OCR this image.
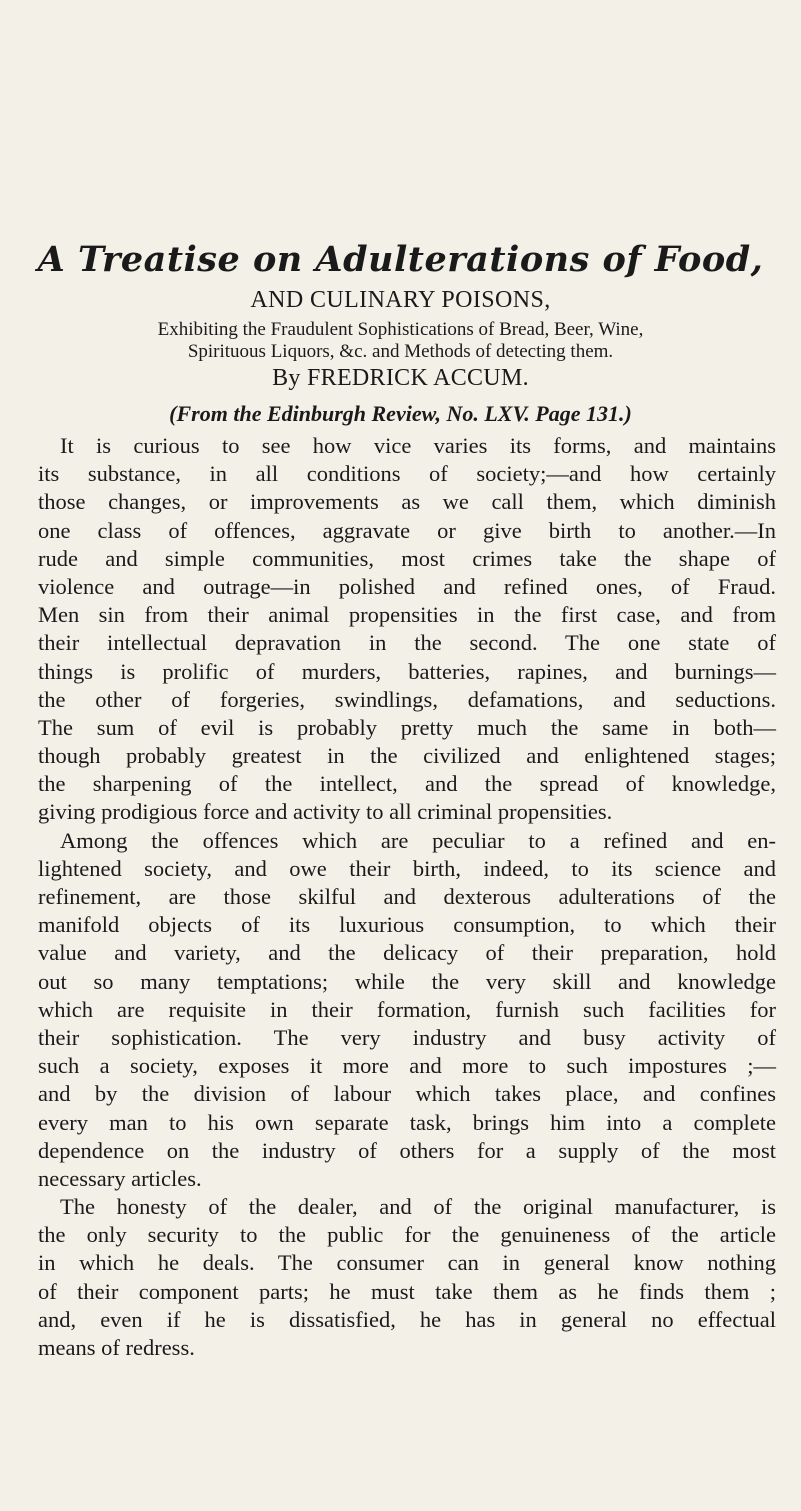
A Treatise on Adulterations of Food,
AND CULINARY POISONS,
Exhibiting the Fraudulent Sophistications of Bread, Beer, Wine,
Spirituous Liquors, &c. and Methods of detecting them.
By FREDRICK ACCUM.
(From the Edinburgh Review, No. LXV. Page 131.)
It is curious to see how vice varies its forms, and maintains
its substance, in all conditions of society;—and how certainly
those changes, or improvements as we call them, which diminish
one class of offences, aggravate or give birth to another.—In
rude and simple communities, most crimes take the shape of
violence and outrage—in polished and refined ones, of Fraud.
Men sin from their animal propensities in the first case, and from
their intellectual depravation in the second. The one state of
things is prolific of murders, batteries, rapines, and burnings—
the other of forgeries, swindlings, defamations, and seductions.
The sum of evil is probably pretty much the same in both—
though probably greatest in the civilized and enlightened stages;
the sharpening of the intellect, and the spread of knowledge,
giving prodigious force and activity to all criminal propensities.
Among the offences which are peculiar to a refined and en-
lightened society, and owe their birth, indeed, to its science and
refinement, are those skilful and dexterous adulterations of the
manifold objects of its luxurious consumption, to which their
value and variety, and the delicacy of their preparation, hold
out so many temptations; while the very skill and knowledge
which are requisite in their formation, furnish such facilities for
their sophistication. The very industry and busy activity of
such a society, exposes it more and more to such impostures ;—
and by the division of labour which takes place, and confines
every man to his own separate task, brings him into a complete
dependence on the industry of others for a supply of the most
necessary articles.
The honesty of the dealer, and of the original manufacturer, is
the only security to the public for the genuineness of the article
in which he deals. The consumer can in general know nothing
of their component parts; he must take them as he finds them ;
and, even if he is dissatisfied, he has in general no effectual
means of redress.
